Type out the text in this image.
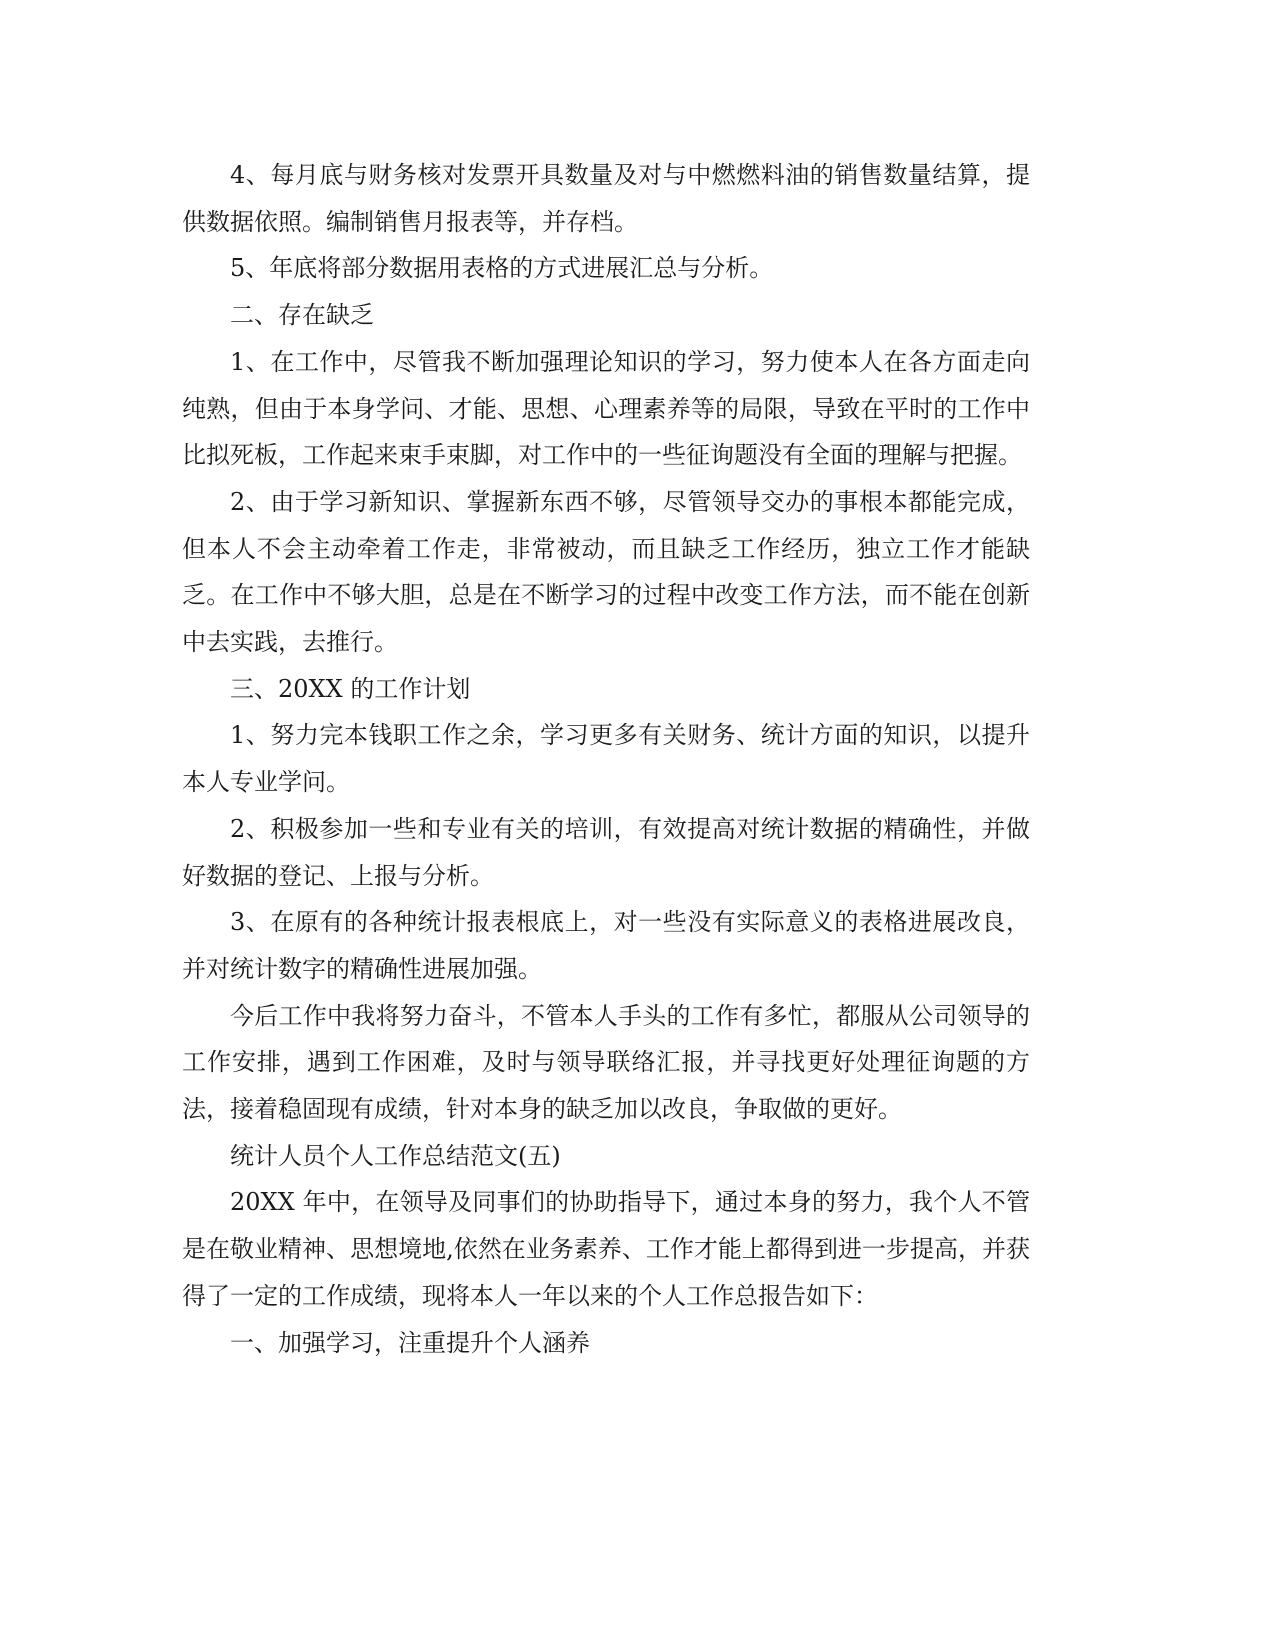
4、每月底与财务核对发票开具数量及对与中燃燃料油的销售数量结算，提供数据依照。编制销售月报表等，并存档。

5、年底将部分数据用表格的方式进展汇总与分析。

二、存在缺乏

1、在工作中，尽管我不断加强理论知识的学习，努力使本人在各方面走向纯熟，但由于本身学问、才能、思想、心理素养等的局限，导致在平时的工作中比拟死板，工作起来束手束脚，对工作中的一些征询题没有全面的理解与把握。

2、由于学习新知识、掌握新东西不够，尽管领导交办的事根本都能完成，但本人不会主动牵着工作走，非常被动，而且缺乏工作经历，独立工作才能缺乏。在工作中不够大胆，总是在不断学习的过程中改变工作方法，而不能在创新中去实践，去推行。

三、20XX 的工作计划

1、努力完本钱职工作之余，学习更多有关财务、统计方面的知识，以提升本人专业学问。

2、积极参加一些和专业有关的培训，有效提高对统计数据的精确性，并做好数据的登记、上报与分析。

3、在原有的各种统计报表根底上，对一些没有实际意义的表格进展改良，并对统计数字的精确性进展加强。

今后工作中我将努力奋斗，不管本人手头的工作有多忙，都服从公司领导的工作安排，遇到工作困难，及时与领导联络汇报，并寻找更好处理征询题的方法，接着稳固现有成绩，针对本身的缺乏加以改良，争取做的更好。

统计人员个人工作总结范文(五)

20XX 年中，在领导及同事们的协助指导下，通过本身的努力，我个人不管是在敬业精神、思想境地,依然在业务素养、工作才能上都得到进一步提高，并获得了一定的工作成绩，现将本人一年以来的个人工作总报告如下：

一、加强学习，注重提升个人涵养
